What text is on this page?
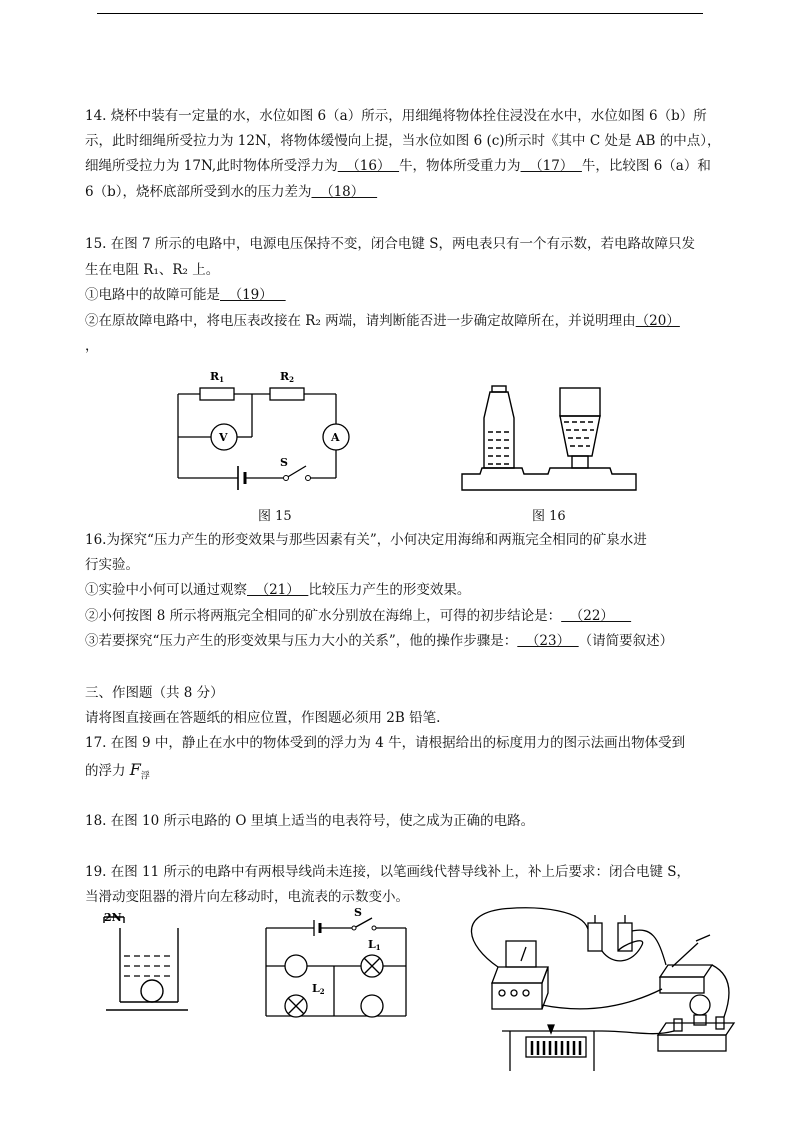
14. 烧杯中装有一定量的水，水位如图 6（a）所示，用细绳将物体拴住浸没在水中，水位如图 6（b）所
示，此时细绳所受拉力为 12N，将物体缓慢向上提，当水位如图 6 (c)所示时《其中 C 处是 AB 的中点），
细绳所受拉力为 17N,此时物体所受浮力为  （16）  牛，物体所受重力为  （17）  牛，比较图 6（a）和
6（b），烧杯底部所受到水的压力差为  （18）
15. 在图 7 所示的电路中，电源电压保持不变，闭合电键 S，两电表只有一个有示数，若电路故障只发
生在电阻 R₁、R₂ 上。
①电路中的故障可能是  （19）
②在原故障电路中，将电压表改接在 R₂ 两端，请判断能否进一步确定故障所在，并说明理由（20）
，
R1	R2
V	A
S
图 15	图 16
16.为探究“压力产生的形变效果与那些因素有关”，小何决定用海绵和两瓶完全相同的矿泉水进
行实验。
①实验中小何可以通过观察  （21）  比较压力产生的形变效果。
②小何按图 8 所示将两瓶完全相同的矿水分别放在海绵上，可得的初步结论是：  （22）
③若要探究“压力产生的形变效果与压力大小的关系”，他的操作步骤是：  （23）  （请简要叙述）
三、作图题（共 8 分）
请将图直接画在答题纸的相应位置，作图题必须用 2B 铅笔.
17. 在图 9 中，静止在水中的物体受到的浮力为 4 牛，请根据给出的标度用力的图示法画出物体受到
的浮力 $F_浮$
18. 在图 10 所示电路的 O 里填上适当的电表符号，使之成为正确的电路。
19. 在图 11 所示的电路中有两根导线尚未连接，以笔画线代替导线补上，补上后要求：闭合电键 S，
当滑动变阻器的滑片向左移动时，电流表的示数变小。
2N	S
L1
L2
